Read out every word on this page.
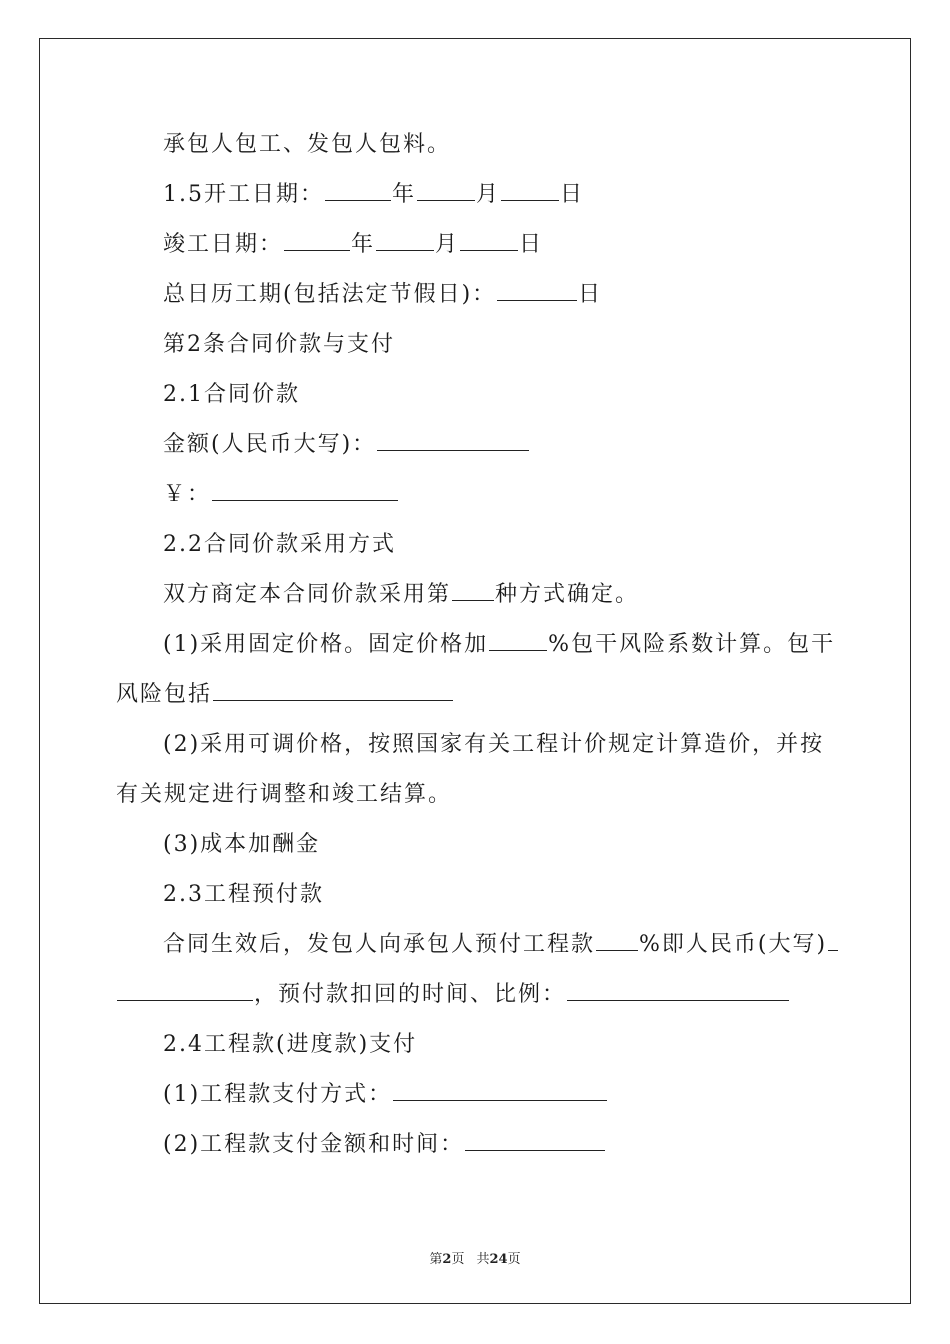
承包人包工、发包人包料。
1.5开工日期：	年	月	日
竣工日期：	年	月	日
总日历工期(包括法定节假日)：	日
第2条合同价款与支付
2.1合同价款
金额(人民币大写)：
￥：
2.2合同价款采用方式
双方商定本合同价款采用第 种方式确定。
(1)采用固定价格。固定价格加	%包干风险系数计算。包干
风险包括
(2)采用可调价格，按照国家有关工程计价规定计算造价，并按
有关规定进行调整和竣工结算。
(3)成本加酬金
2.3工程预付款
合同生效后，发包人向承包人预付工程款 %即人民币(大写)
，预付款扣回的时间、比例：
2.4工程款(进度款)支付
(1)工程款支付方式：
(2)工程款支付金额和时间：
第2页 共24页
